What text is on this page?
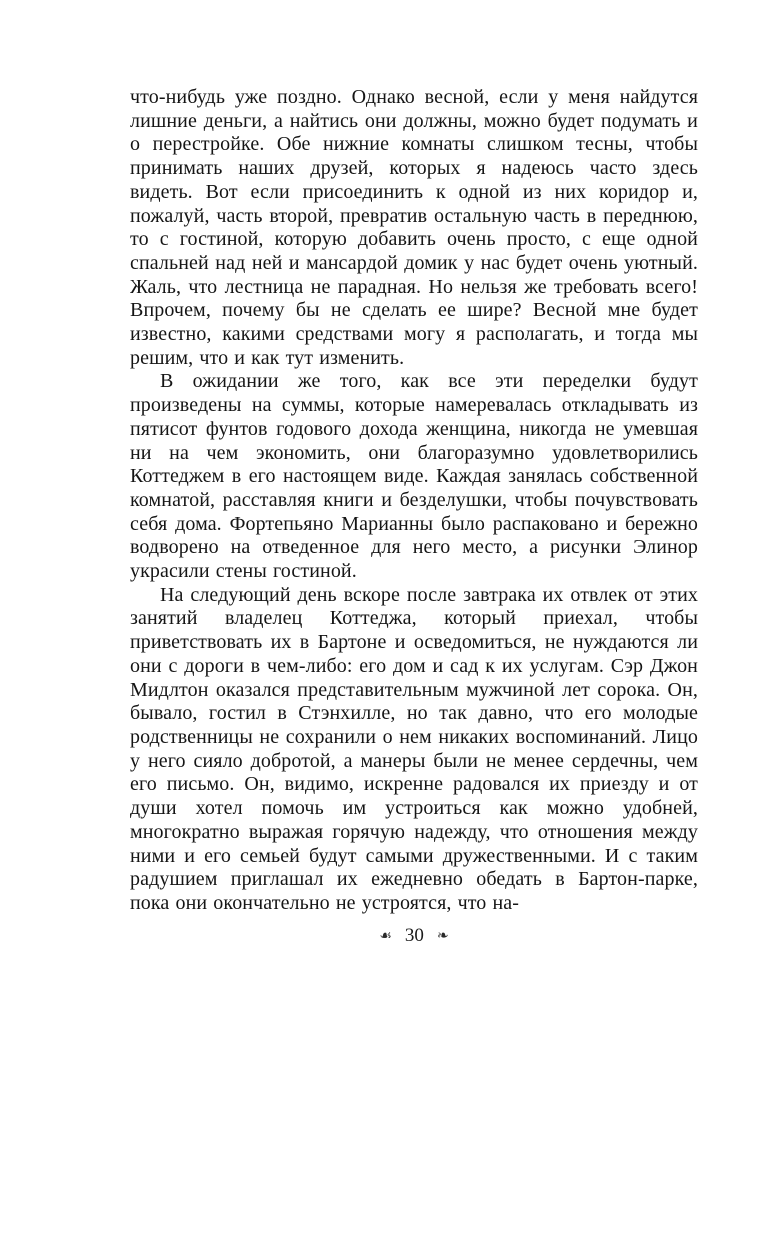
что-нибудь уже поздно. Однако весной, если у меня найдутся лишние деньги, а найтись они должны, можно будет подумать и о перестройке. Обе нижние комнаты слишком тесны, чтобы принимать наших друзей, которых я надеюсь часто здесь видеть. Вот если присоединить к одной из них коридор и, пожалуй, часть второй, превратив остальную часть в переднюю, то с гостиной, которую добавить очень просто, с еще одной спальней над ней и мансардой домик у нас будет очень уютный. Жаль, что лестница не парадная. Но нельзя же требовать всего! Впрочем, почему бы не сделать ее шире? Весной мне будет известно, какими средствами могу я располагать, и тогда мы решим, что и как тут изменить.

В ожидании же того, как все эти переделки будут произведены на суммы, которые намеревалась откладывать из пятисот фунтов годового дохода женщина, никогда не умевшая ни на чем экономить, они благоразумно удовлетворились Коттеджем в его настоящем виде. Каждая занялась собственной комнатой, расставляя книги и безделушки, чтобы почувствовать себя дома. Фортепьяно Марианны было распаковано и бережно водворено на отведенное для него место, а рисунки Элинор украсили стены гостиной.

На следующий день вскоре после завтрака их отвлек от этих занятий владелец Коттеджа, который приехал, чтобы приветствовать их в Бартоне и осведомиться, не нуждаются ли они с дороги в чем-либо: его дом и сад к их услугам. Сэр Джон Мидлтон оказался представительным мужчиной лет сорока. Он, бывало, гостил в Стэнхилле, но так давно, что его молодые родственницы не сохранили о нем никаких воспоминаний. Лицо у него сияло добротой, а манеры были не менее сердечны, чем его письмо. Он, видимо, искренне радовался их приезду и от души хотел помочь им устроиться как можно удобней, многократно выражая горячую надежду, что отношения между ними и его семьей будут самыми дружественными. И с таким радушием приглашал их ежедневно обедать в Бартон-парке, пока они окончательно не устроятся, что на-

☙ 30 ❧
